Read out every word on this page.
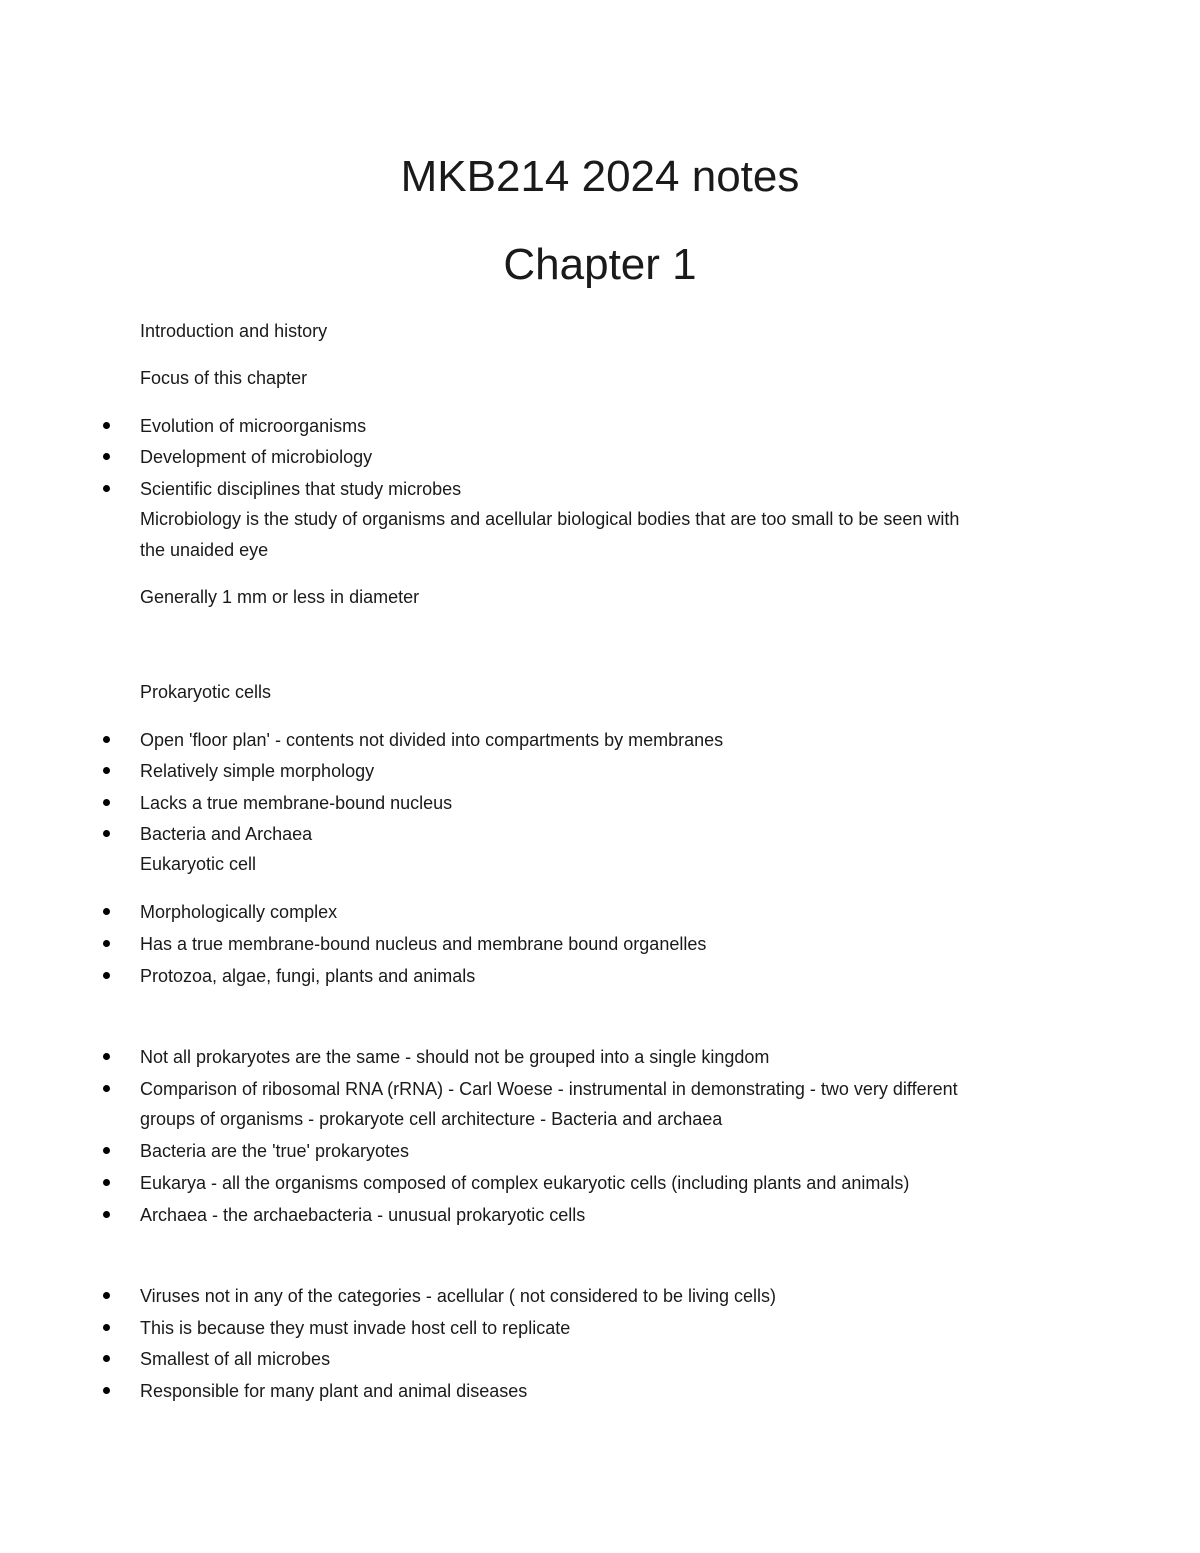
MKB214 2024 notes
Chapter 1

Introduction and history

Focus of this chapter

Evolution of microorganisms

Development of microbiology

Scientific disciplines that study microbes

Microbiology is the study of organisms and acellular biological bodies that are too small to be seen with

the unaided eye

Generally 1 mm or less in diameter

Prokaryotic cells

Open 'floor plan' - contents not divided into compartments by membranes

Relatively simple morphology

Lacks a true membrane-bound nucleus

Bacteria and Archaea

Eukaryotic cell

Morphologically complex

Has a true membrane-bound nucleus and membrane bound organelles

Protozoa, algae, fungi, plants and animals

Not all prokaryotes are the same - should not be grouped into a single kingdom

Comparison of ribosomal RNA (rRNA) - Carl Woese - instrumental in demonstrating - two very different

groups of organisms - prokaryote cell architecture - Bacteria and archaea

Bacteria are the 'true' prokaryotes

Eukarya - all the organisms composed of complex eukaryotic cells (including plants and animals)

Archaea - the archaebacteria - unusual prokaryotic cells

Viruses not in any of the categories - acellular ( not considered to be living cells)

This is because they must invade host cell to replicate

Smallest of all microbes

Responsible for many plant and animal diseases
